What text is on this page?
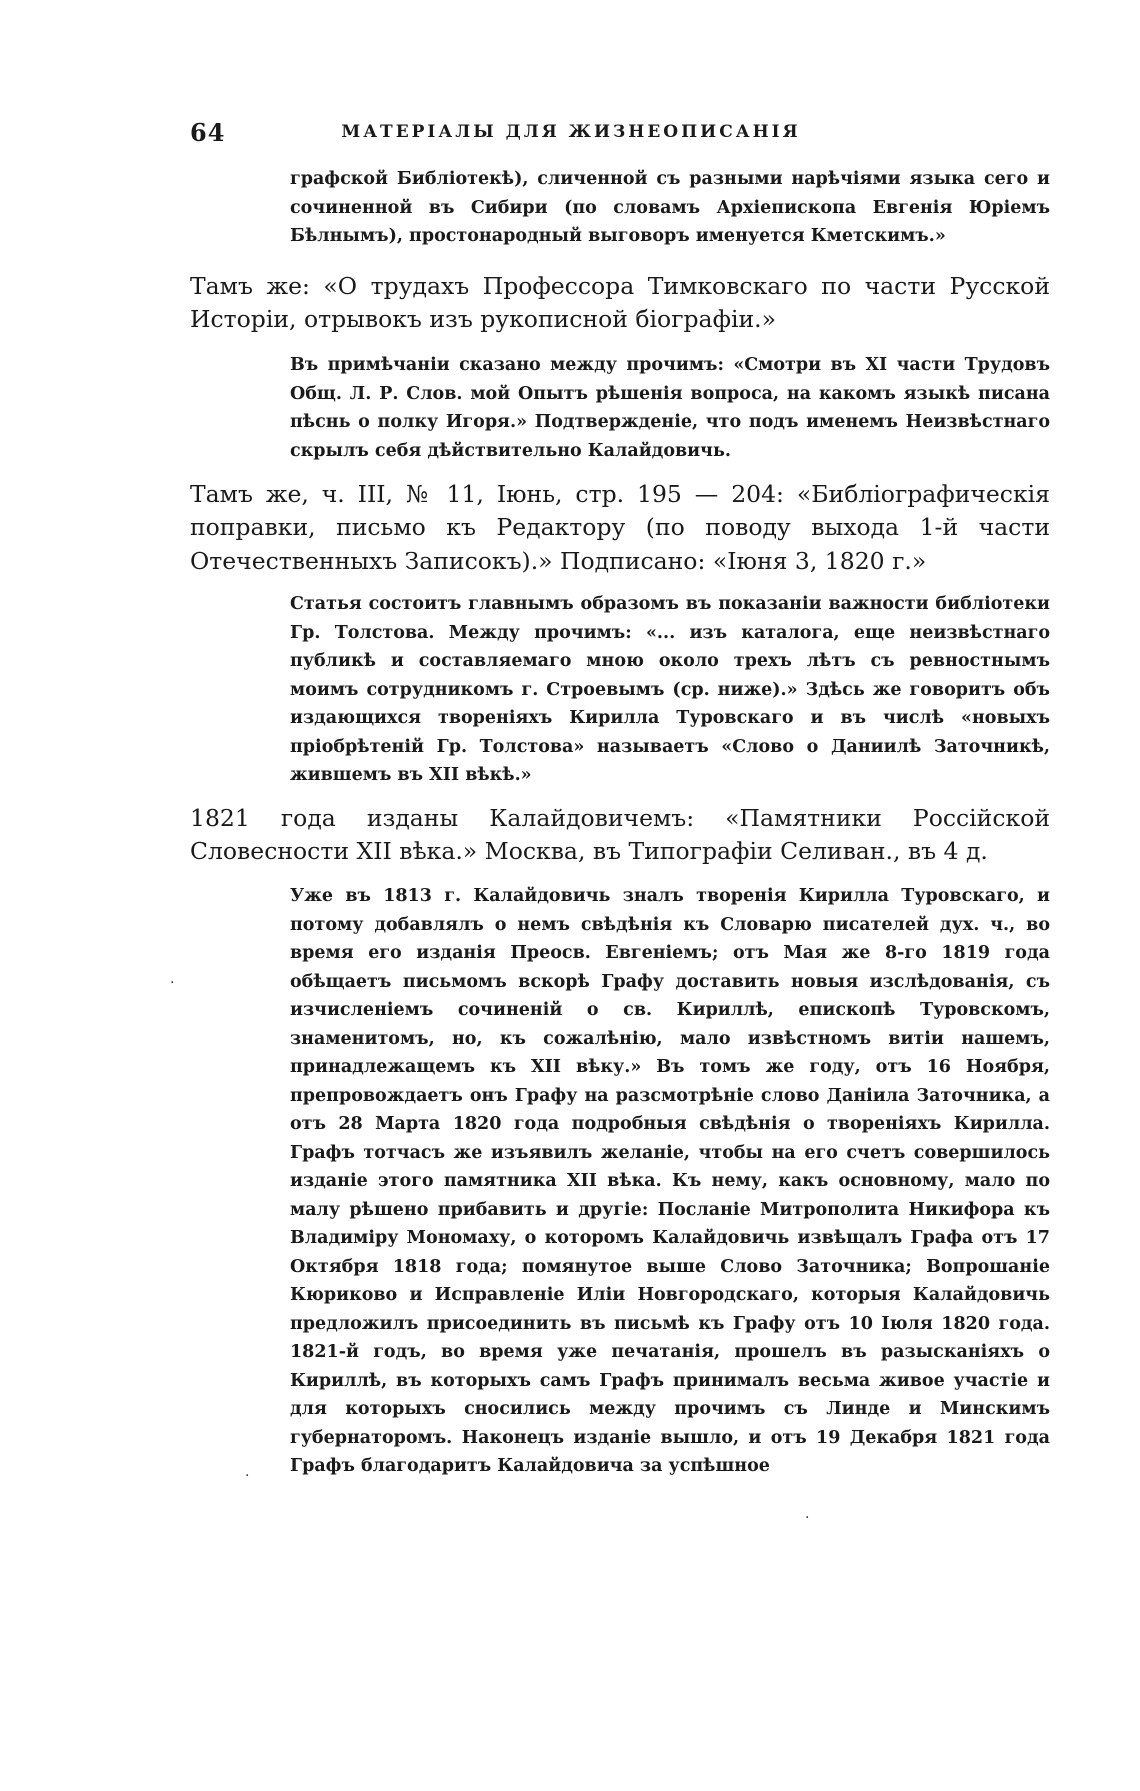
64	МАТЕРІАЛЫ ДЛЯ ЖИЗНЕОПИСАНІЯ

графской Библіотекѣ), сличенной съ разными нарѣчіями языка сего и сочиненной въ Сибири (по словамъ Архіепископа Евгенія Юріемъ Бѣлнымъ), простонародный выговоръ именуется Кметскимъ.»

Тамъ же: «О трудахъ Профессора Тимковскаго по части Русской Исторіи, отрывокъ изъ рукописной біографіи.»

Въ примѣчаніи сказано между прочимъ: «Смотри въ XI части Трудовъ Общ. Л. Р. Слов. мой Опытъ рѣшенія вопроса, на какомъ языкѣ писана пѣснь о полку Игоря.» Подтвержденіе, что подъ именемъ Неизвѣстнаго скрылъ себя дѣйствительно Калайдовичь.

Тамъ же, ч. III, № 11, Іюнь, стр. 195 — 204: «Библіографическія поправки, письмо къ Редактору (по поводу выхода 1-й части Отечественныхъ Записокъ).» Подписано: «Іюня 3, 1820 г.»

Статья состоитъ главнымъ образомъ въ показаніи важности библіотеки Гр. Толстова. Между прочимъ: «... изъ каталога, еще неизвѣстнаго публикѣ и составляемаго мною около трехъ лѣтъ съ ревностнымъ моимъ сотрудникомъ г. Строевымъ (ср. ниже).» Здѣсь же говоритъ объ издающихся твореніяхъ Кирилла Туровскаго и въ числѣ «новыхъ пріобрѣтеній Гр. Толстова» называетъ «Слово о Даниилѣ Заточникѣ, жившемъ въ XII вѣкѣ.»

1821 года изданы Калайдовичемъ: «Памятники Россійской Словесности XII вѣка.» Москва, въ Типографіи Селиван., въ 4 д.

Уже въ 1813 г. Калайдовичь зналъ творенія Кирилла Туровскаго, и потому добавлялъ о немъ свѣдѣнія къ Словарю писателей дух. ч., во время его изданія Преосв. Евгеніемъ; отъ Мая же 8-го 1819 года обѣщаетъ письмомъ вскорѣ Графу доставить новыя изслѣдованія, съ изчисленіемъ сочиненій о св. Кириллѣ, епископѣ Туровскомъ, знаменитомъ, но, къ сожалѣнію, мало извѣстномъ витіи нашемъ, принадлежащемъ къ XII вѣку.» Въ томъ же году, отъ 16 Ноября, препровождаетъ онъ Графу на разсмотрѣніе слово Даніила Заточника, а отъ 28 Марта 1820 года подробныя свѣдѣнія о твореніяхъ Кирилла. Графъ тотчасъ же изъявилъ желаніе, чтобы на его счетъ совершилось изданіе этого памятника XII вѣка. Къ нему, какъ основному, мало по малу рѣшено прибавить и другіе: Посланіе Митрополита Никифора къ Владиміру Мономаху, о которомъ Калайдовичь извѣщалъ Графа отъ 17 Октября 1818 года; помянутое выше Слово Заточника; Вопрошаніе Кюриково и Исправленіе Иліи Новгородскаго, которыя Калайдовичь предложилъ присоединить въ письмѣ къ Графу отъ 10 Іюля 1820 года. 1821-й годъ, во время уже печатанія, прошелъ въ разысканіяхъ о Кириллѣ, въ которыхъ самъ Графъ принималъ весьма живое участіе и для которыхъ сносились между прочимъ съ Линде и Минскимъ губернаторомъ. Наконецъ изданіе вышло, и отъ 19 Декабря 1821 года Графъ благодаритъ Калайдовича за успѣшное

·
·
·
